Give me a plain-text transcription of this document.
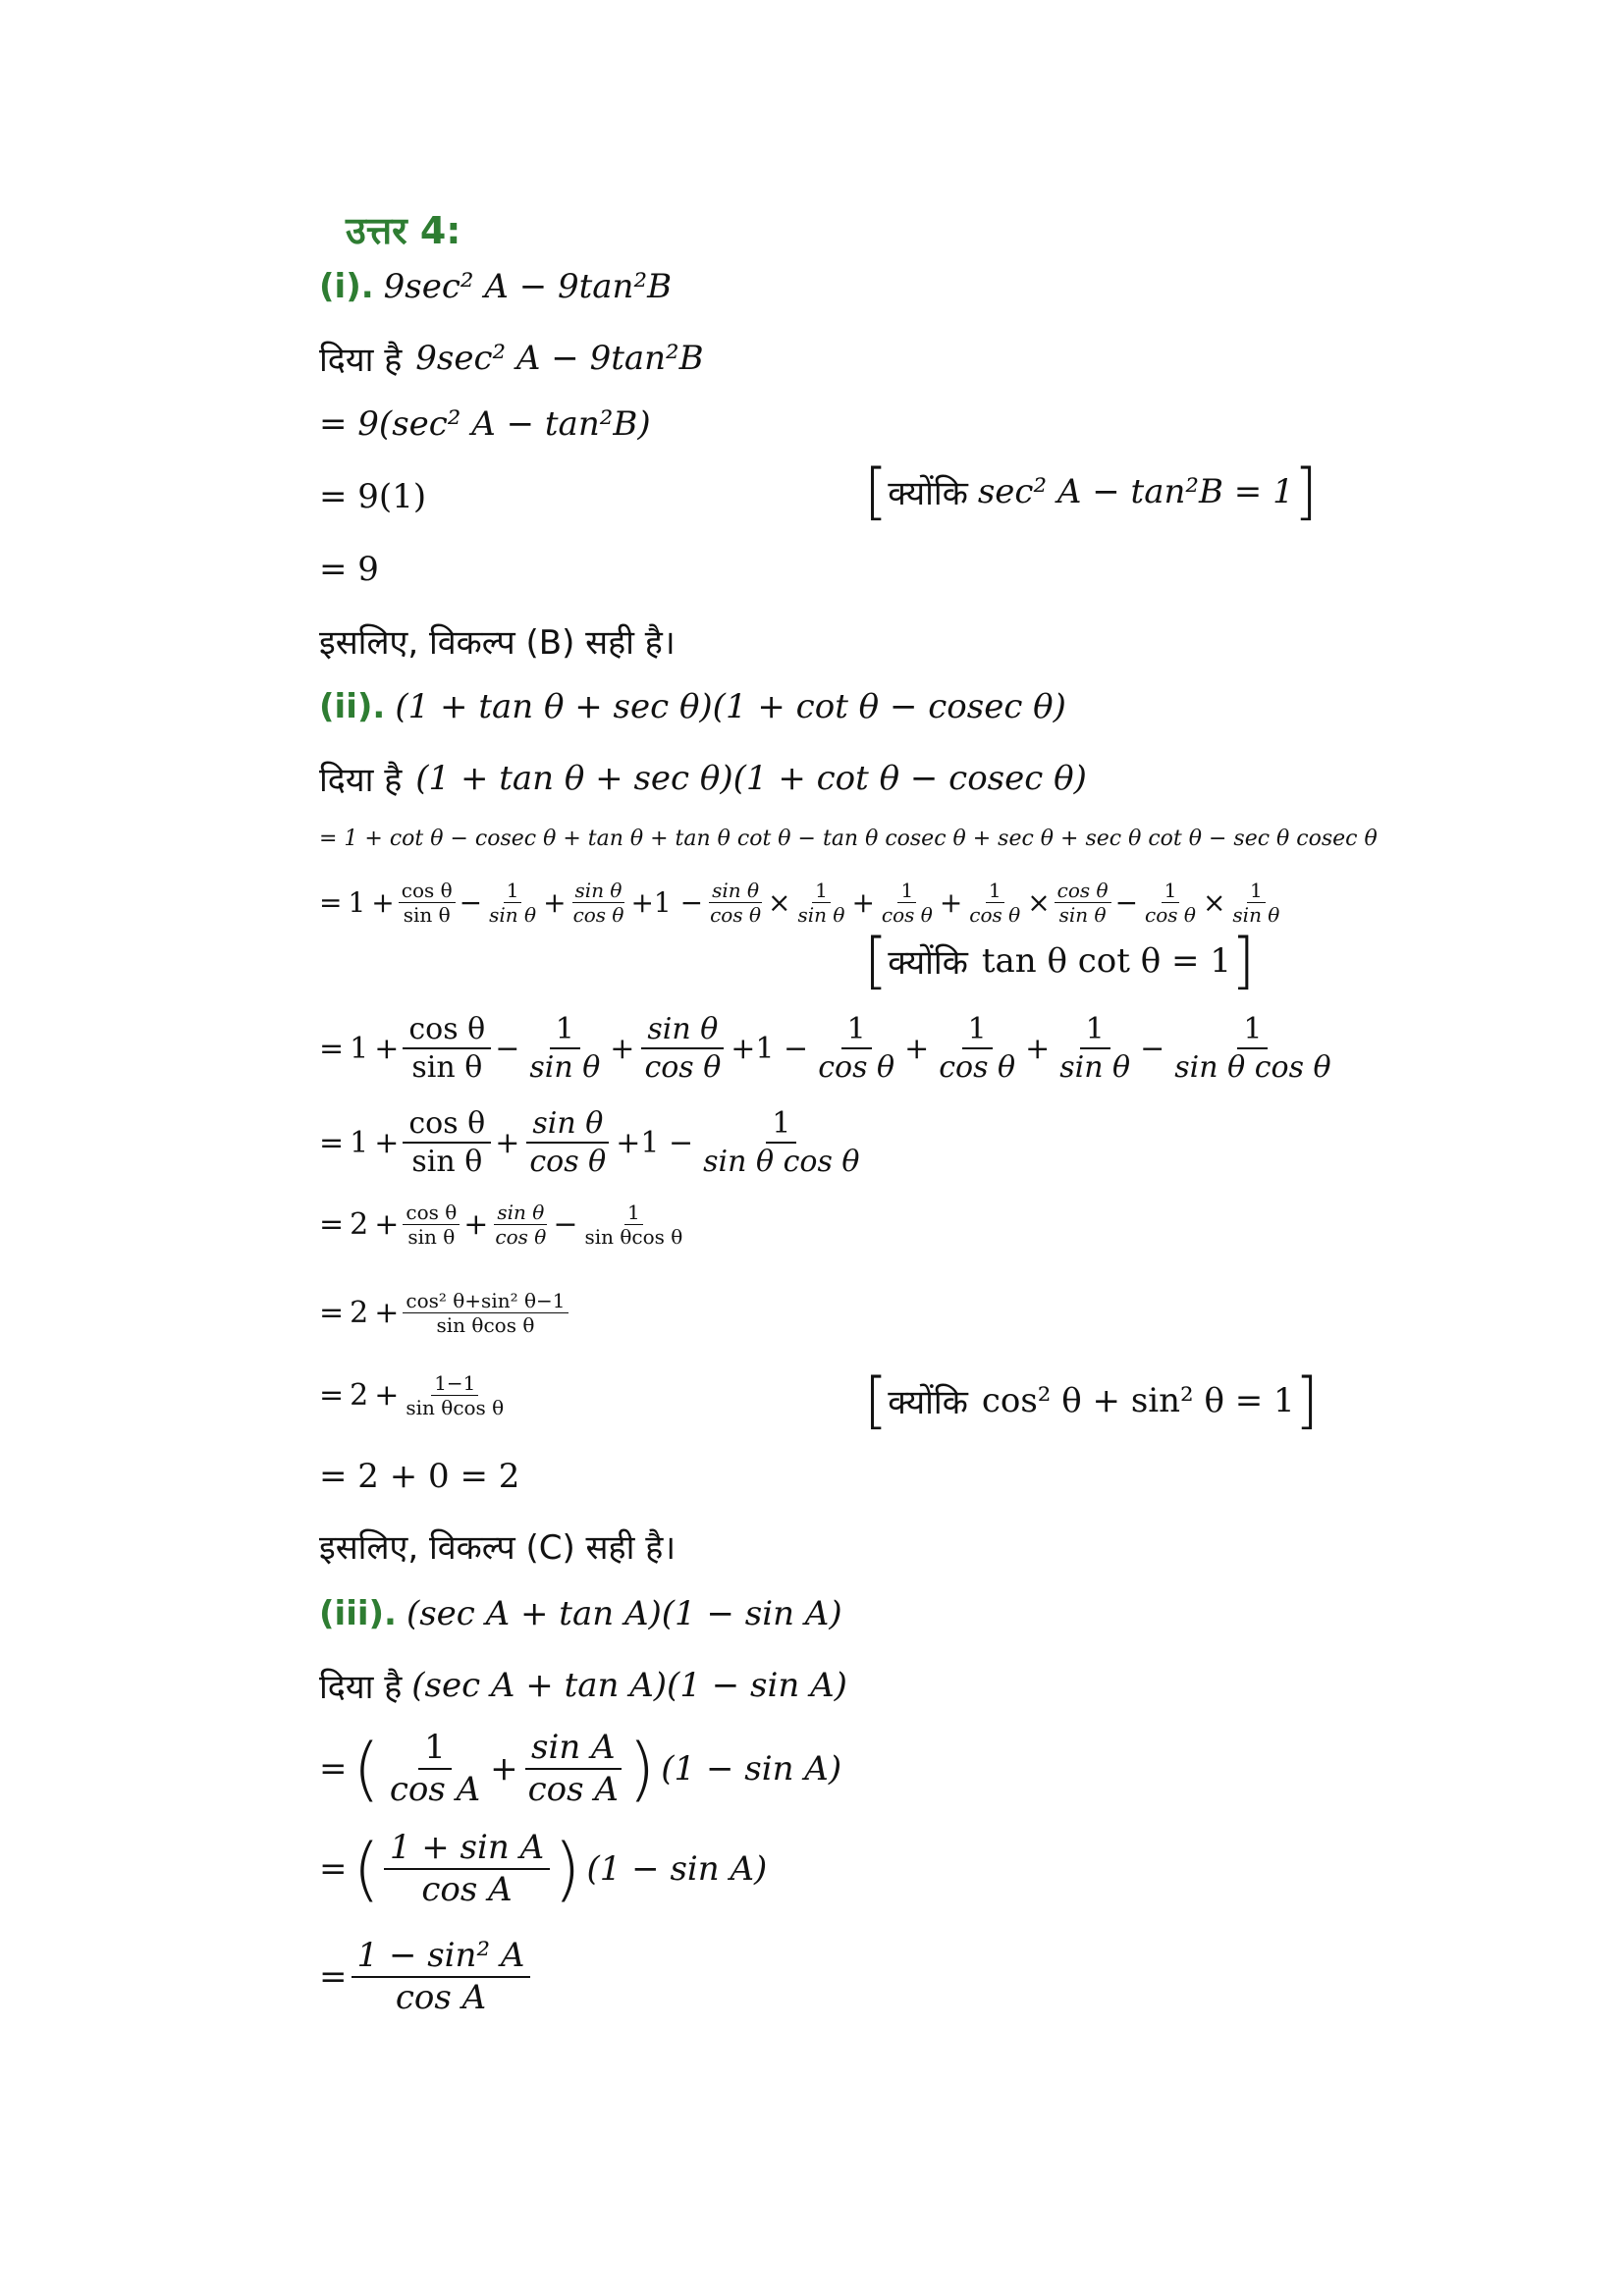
उत्तर 4:
(i). 9sec² A − 9tan²B
दिया है 9sec² A − 9tan²B
= 9(sec² A − tan²B)
= 9(1)	[ क्योंकि sec² A − tan²B = 1 ]
= 9
इसलिए, विकल्प (B) सही है।
(ii). (1 + tan θ + sec θ)(1 + cot θ − cosec θ)
दिया है (1 + tan θ + sec θ)(1 + cot θ − cosec θ)
= 1 + cot θ − cosec θ + tan θ + tan θ cot θ − tan θ cosec θ + sec θ + sec θ cot θ − sec θ cosec θ
= $1 + \frac{\text{cos θ}}{\text{sin θ}} - \frac{1}{\text{sin θ}} + \frac{\text{sin θ}}{\text{cos θ}} +1 - \frac{\text{sin θ}}{\text{cos θ}} \times \frac{1}{\text{sin θ}} + \frac{1}{\text{cos θ}} + \frac{1}{\text{cos θ}} \times \frac{\text{cos θ}}{\text{sin θ}} - \frac{1}{\text{cos θ}} \times \frac{1}{\text{sin θ}}$
[ क्योंकि tan θ cot θ = 1 ]
= $1 + \frac{\text{cos θ}}{\text{sin θ}} - \frac{1}{\text{sin θ}} + \frac{\text{sin θ}}{\text{cos θ}} +1 - \frac{1}{\text{cos θ}} + \frac{1}{\text{cos θ}} + \frac{1}{\text{sin θ}} - \frac{1}{\text{sin θ cos θ}}$
= $1 + \frac{\text{cos θ}}{\text{sin θ}} + \frac{\text{sin θ}}{\text{cos θ}} +1 - \frac{1}{\text{sin θ cos θ}}$
= $2 + \frac{\text{cos θ}}{\text{sin θ}} + \frac{\text{sin θ}}{\text{cos θ}} - \frac{1}{\text{sin θcos θ}}$
= $2 + \frac{\text{cos² θ+sin² θ−1}}{\text{sin θcos θ}}$
= $2 + \frac{1-1}{\text{sin θcos θ}}$	[ क्योंकि cos² θ + sin² θ = 1 ]
= 2 + 0 = 2
इसलिए, विकल्प (C) सही है।
(iii). (sec A + tan A)(1 − sin A)
दिया है (sec A + tan A)(1 − sin A)
= ( $\frac{1}{\text{cos A}} + \frac{\text{sin A}}{\text{cos A}}$ ) (1 − sin A)
= ( $\frac{\text{1 + sin A}}{\text{cos A}}$ ) (1 − sin A)
= $\frac{\text{1 − sin² A}}{\text{cos A}}$
